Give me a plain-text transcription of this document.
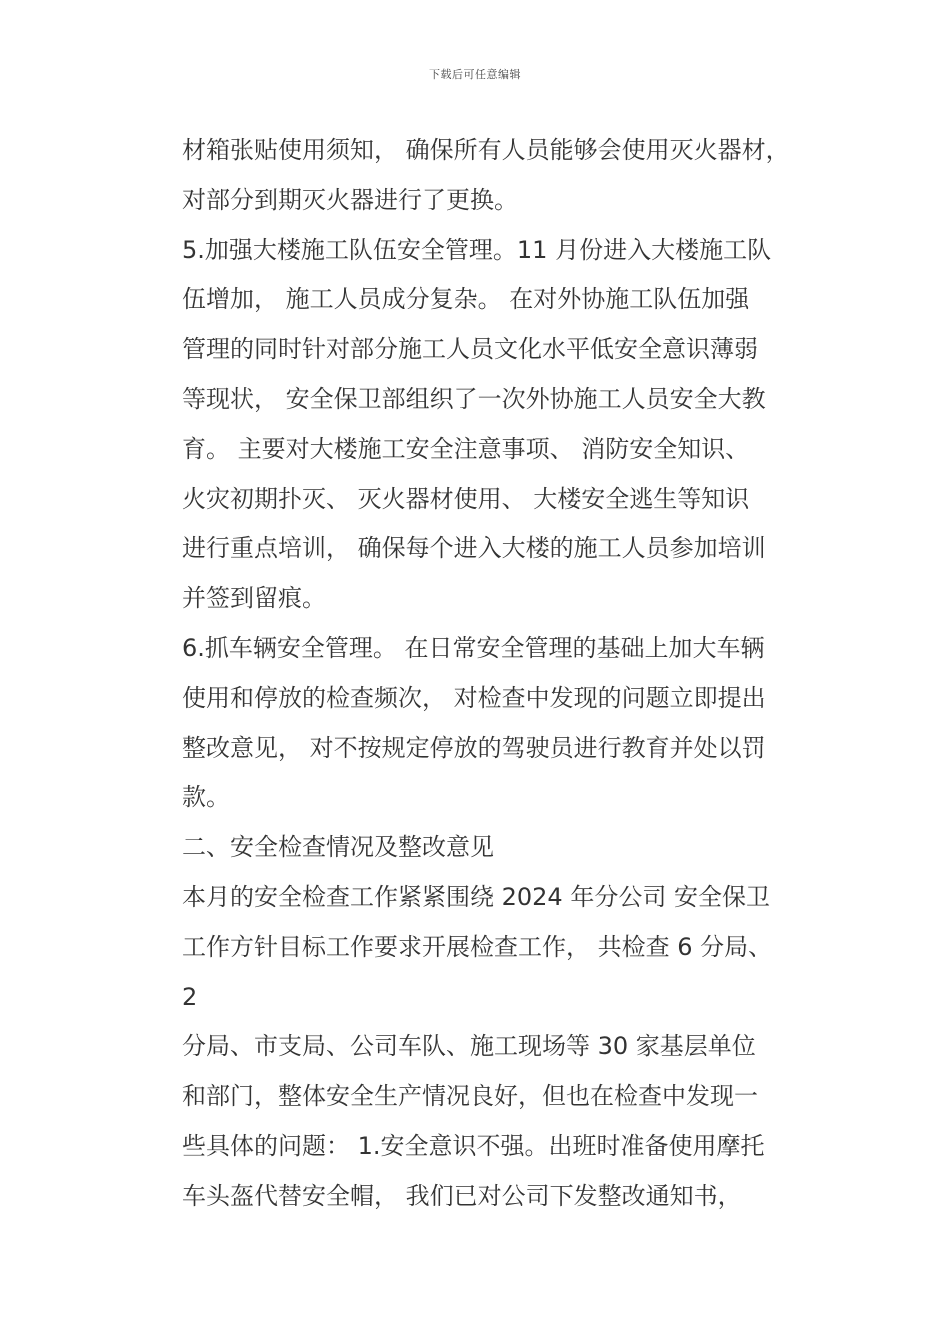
下载后可任意编辑
材箱张贴使用须知， 确保所有人员能够会使用灭火器材，
对部分到期灭火器进行了更换。
5.加强大楼施工队伍安全管理。11 月份进入大楼施工队
伍增加， 施工人员成分复杂。 在对外协施工队伍加强
管理的同时针对部分施工人员文化水平低安全意识薄弱
等现状， 安全保卫部组织了一次外协施工人员安全大教
育。 主要对大楼施工安全注意事项、 消防安全知识、
火灾初期扑灭、 灭火器材使用、 大楼安全逃生等知识
进行重点培训， 确保每个进入大楼的施工人员参加培训
并签到留痕。
6.抓车辆安全管理。 在日常安全管理的基础上加大车辆
使用和停放的检查频次， 对检查中发现的问题立即提出
整改意见， 对不按规定停放的驾驶员进行教育并处以罚
款。
二、安全检查情况及整改意见
本月的安全检查工作紧紧围绕 2024 年分公司 安全保卫
工作方针目标工作要求开展检查工作， 共检查 6 分局、
2
分局、市支局、公司车队、施工现场等 30 家基层单位
和部门，整体安全生产情况良好，但也在检查中发现一
些具体的问题： 1.安全意识不强。出班时准备使用摩托
车头盔代替安全帽， 我们已对公司下发整改通知书，
